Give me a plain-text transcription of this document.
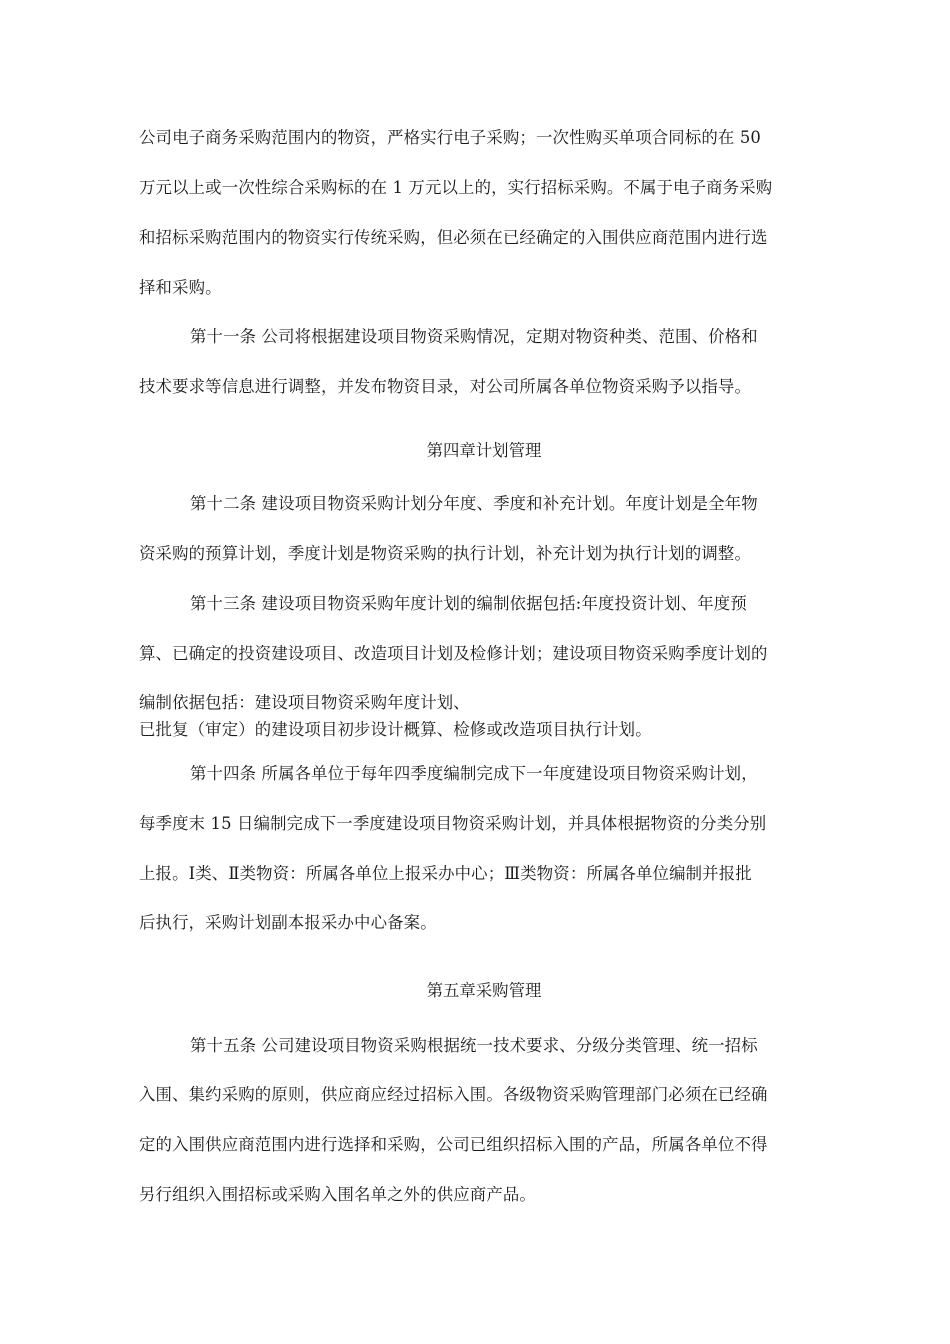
公司电子商务采购范围内的物资，严格实行电子采购；一次性购买单项合同标的在 50
万元以上或一次性综合采购标的在 1 万元以上的，实行招标采购。不属于电子商务采购
和招标采购范围内的物资实行传统采购，但必须在已经确定的入围供应商范围内进行选
择和采购。
第十一条 公司将根据建设项目物资采购情况，定期对物资种类、范围、价格和
技术要求等信息进行调整，并发布物资目录，对公司所属各单位物资采购予以指导。
第四章计划管理
第十二条 建设项目物资采购计划分年度、季度和补充计划。年度计划是全年物
资采购的预算计划，季度计划是物资采购的执行计划，补充计划为执行计划的调整。
第十三条 建设项目物资采购年度计划的编制依据包括:年度投资计划、年度预
算、已确定的投资建设项目、改造项目计划及检修计划；建设项目物资采购季度计划的
编制依据包括：建设项目物资采购年度计划、
已批复（审定）的建设项目初步设计概算、检修或改造项目执行计划。
第十四条 所属各单位于每年四季度编制完成下一年度建设项目物资采购计划，
每季度末 15 日编制完成下一季度建设项目物资采购计划，并具体根据物资的分类分别
上报。Ⅰ类、Ⅱ类物资：所属各单位上报采办中心；Ⅲ类物资：所属各单位编制并报批
后执行，采购计划副本报采办中心备案。
第五章采购管理
第十五条 公司建设项目物资采购根据统一技术要求、分级分类管理、统一招标
入围、集约采购的原则，供应商应经过招标入围。各级物资采购管理部门必须在已经确
定的入围供应商范围内进行选择和采购，公司已组织招标入围的产品，所属各单位不得
另行组织入围招标或采购入围名单之外的供应商产品。
